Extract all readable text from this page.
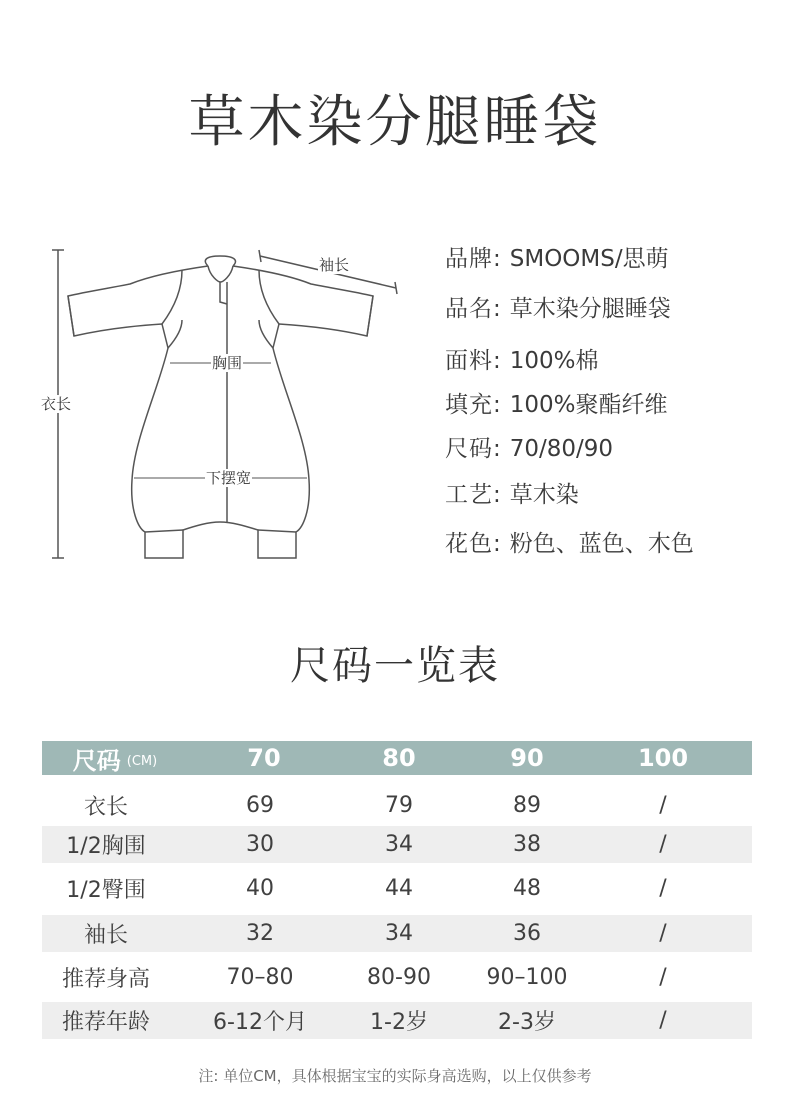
草木染分腿睡袋
袖长
衣长
胸围
下摆宽
品牌: SMOOMS/思萌
品名: 草木染分腿睡袋
面料: 100%棉
填充: 100%聚酯纤维
尺码: 70/80/90
工艺: 草木染
花色: 粉色、蓝色、木色
尺码一览表
尺码 (CM)	70	80	90	100
衣长	69	79	89	/
1/2胸围	30	34	38	/
1/2臀围	40	44	48	/
袖长	32	34	36	/
推荐身高	70–80	80-90	90–100	/
推荐年龄	6-12个月	1-2岁	2-3岁	/
注: 单位CM，具体根据宝宝的实际身高选购，以上仅供参考
